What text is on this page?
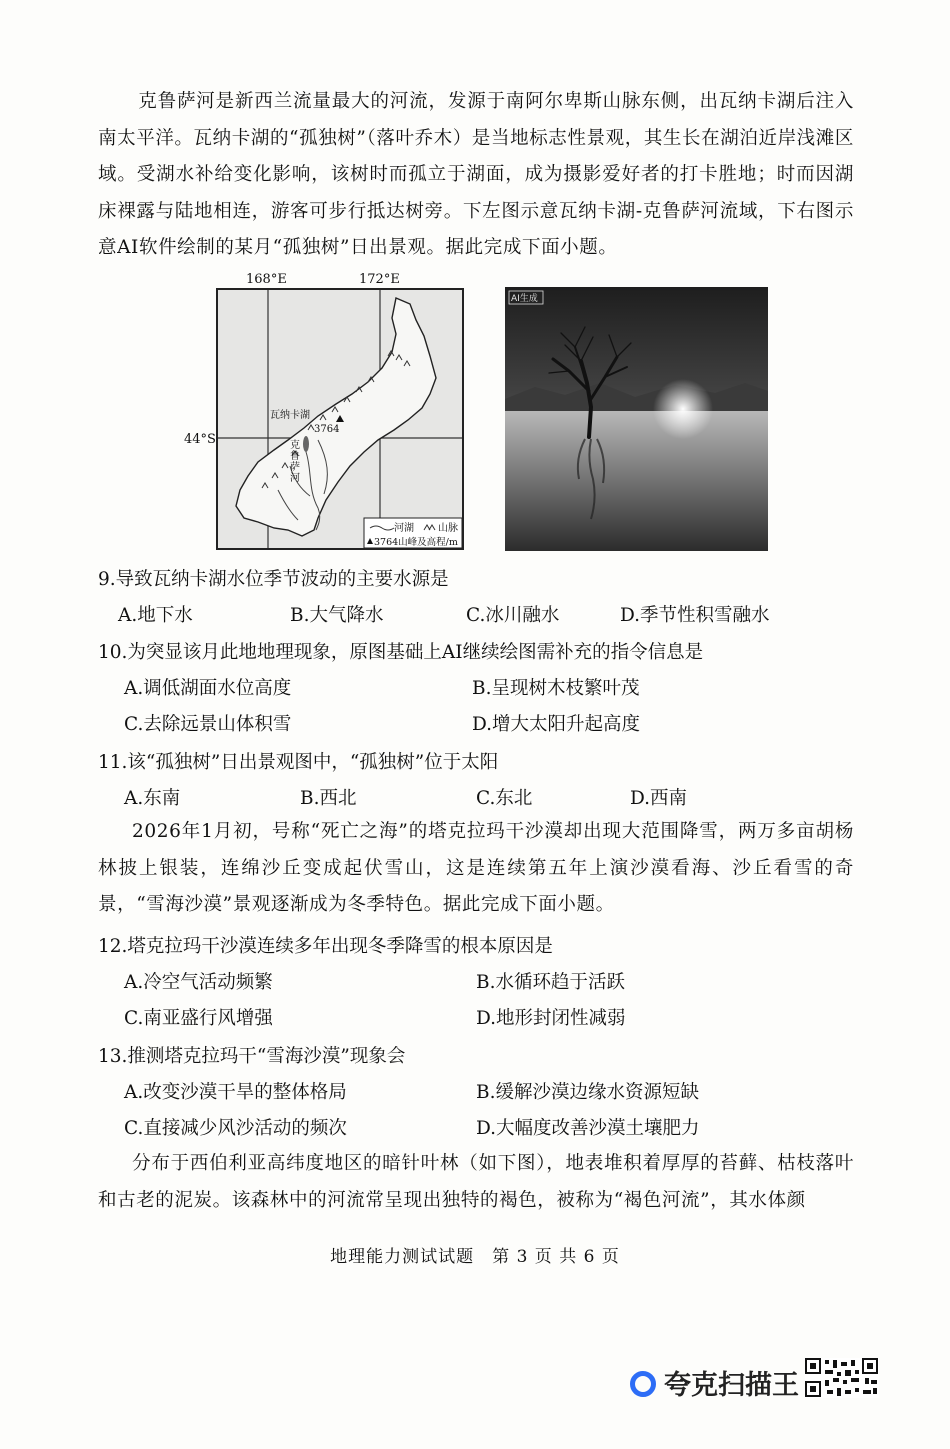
克鲁萨河是新西兰流量最大的河流，发源于南阿尔卑斯山脉东侧，出瓦纳卡湖后注入南太平洋。瓦纳卡湖的“孤独树”（落叶乔木）是当地标志性景观，其生长在湖泊近岸浅滩区域。受湖水补给变化影响，该树时而孤立于湖面，成为摄影爱好者的打卡胜地；时而因湖床裸露与陆地相连，游客可步行抵达树旁。下左图示意瓦纳卡湖-克鲁萨河流域，下右图示意AI软件绘制的某月“孤独树”日出景观。据此完成下面小题。

168°E	172°E
44°S
瓦纳卡湖
3764
克鲁萨河
河湖 山脉
3764山峰及高程/m
AI生成
9.导致瓦纳卡湖水位季节波动的主要水源是
A.地下水	B.大气降水	C.冰川融水	D.季节性积雪融水
10.为突显该月此地地理现象，原图基础上AI继续绘图需补充的指令信息是
A.调低湖面水位高度	B.呈现树木枝繁叶茂
C.去除远景山体积雪	D.增大太阳升起高度
11.该“孤独树”日出景观图中，“孤独树”位于太阳
A.东南	B.西北	C.东北	D.西南

2026年1月初，号称“死亡之海”的塔克拉玛干沙漠却出现大范围降雪，两万多亩胡杨林披上银装，连绵沙丘变成起伏雪山，这是连续第五年上演沙漠看海、沙丘看雪的奇景，“雪海沙漠”景观逐渐成为冬季特色。据此完成下面小题。

12.塔克拉玛干沙漠连续多年出现冬季降雪的根本原因是
A.冷空气活动频繁	B.水循环趋于活跃
C.南亚盛行风增强	D.地形封闭性减弱
13.推测塔克拉玛干“雪海沙漠”现象会
A.改变沙漠干旱的整体格局	B.缓解沙漠边缘水资源短缺
C.直接减少风沙活动的频次	D.大幅度改善沙漠土壤肥力

分布于西伯利亚高纬度地区的暗针叶林（如下图），地表堆积着厚厚的苔藓、枯枝落叶和古老的泥炭。该森林中的河流常呈现出独特的褐色，被称为“褐色河流”，其水体颜

地理能力测试试题　第 3 页 共 6 页
夸克扫描王
